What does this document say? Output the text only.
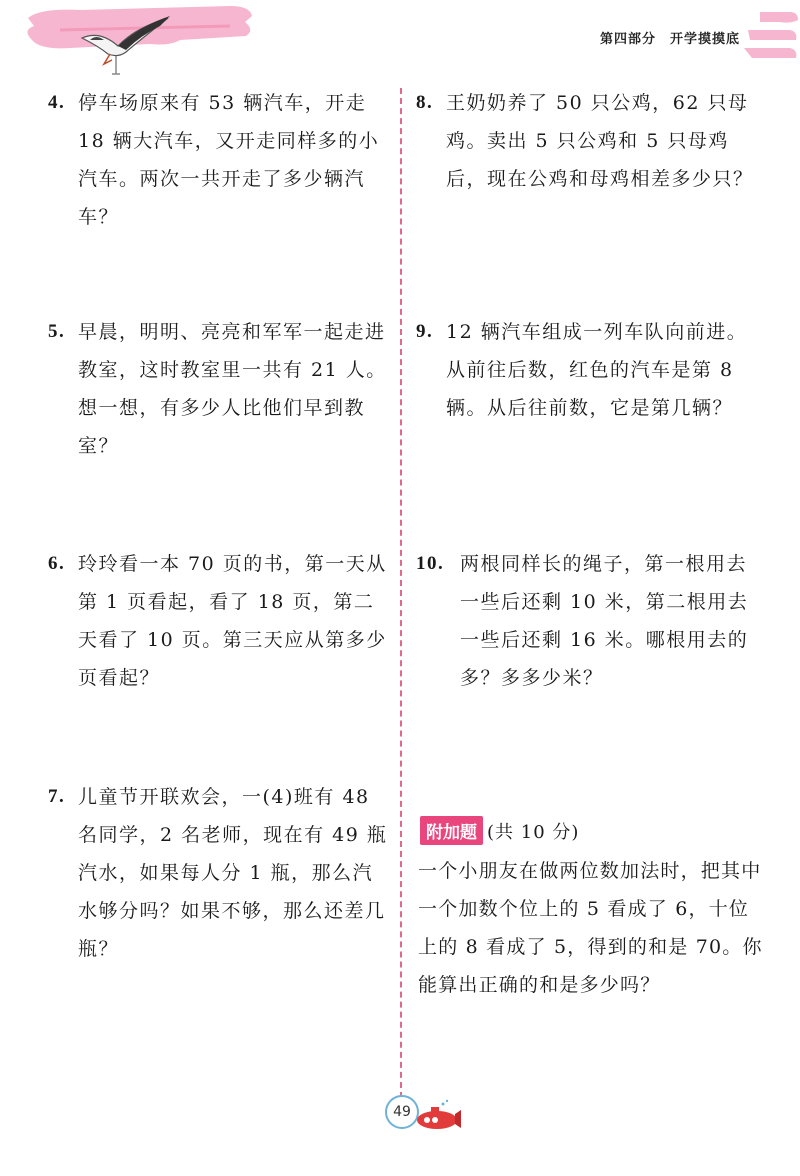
第四部分 开学摸摸底
4. 停车场原来有 53 辆汽车，开走 18 辆大汽车，又开走同样多的小汽车。两次一共开走了多少辆汽车？
5. 早晨，明明、亮亮和军军一起走进教室，这时教室里一共有 21 人。想一想，有多少人比他们早到教室？
6. 玲玲看一本 70 页的书，第一天从第 1 页看起，看了 18 页，第二天看了 10 页。第三天应从第多少页看起？
7. 儿童节开联欢会，一(4)班有 48 名同学，2 名老师，现在有 49 瓶汽水，如果每人分 1 瓶，那么汽水够分吗？如果不够，那么还差几瓶？
8. 王奶奶养了 50 只公鸡，62 只母鸡。卖出 5 只公鸡和 5 只母鸡后，现在公鸡和母鸡相差多少只？
9. 12 辆汽车组成一列车队向前进。从前往后数，红色的汽车是第 8 辆。从后往前数，它是第几辆？
10. 两根同样长的绳子，第一根用去一些后还剩 10 米，第二根用去一些后还剩 16 米。哪根用去的多？多多少米？
附加题 (共 10 分)
一个小朋友在做两位数加法时，把其中一个加数个位上的 5 看成了 6，十位上的 8 看成了 5，得到的和是 70。你能算出正确的和是多少吗？
49
